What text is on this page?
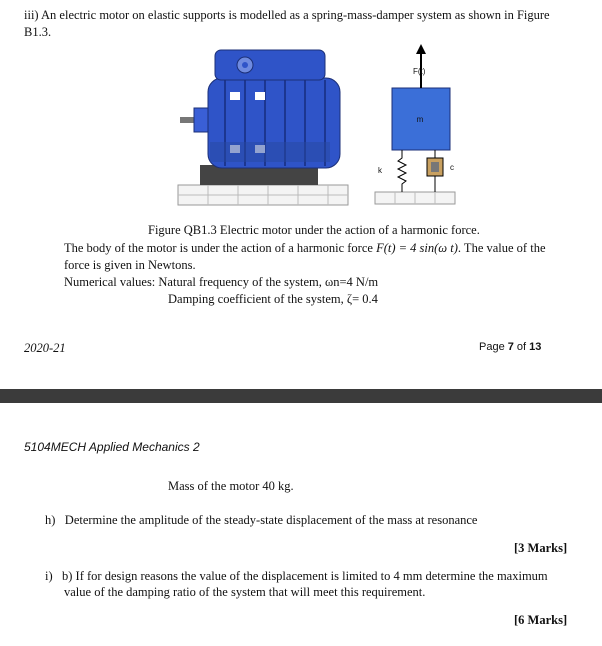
iii) An electric motor on elastic supports is modelled as a spring-mass-damper system as shown in Figure
B1.3.
m
F(t)
k	c
Figure QB1.3 Electric motor under the action of a harmonic force.
The body of the motor is under the action of a harmonic force F(t) = 4 sin(ω t). The value of the
force is given in Newtons.
Numerical values: Natural frequency of the system, ωn=4 N/m
Damping coefficient of the system, ζ= 0.4
2020-21	Page 7 of 13
5104MECH Applied Mechanics 2
Mass of the motor 40 kg.
h)   Determine the amplitude of the steady-state displacement of the mass at resonance
[3 Marks]
i)   b) If for design reasons the value of the displacement is limited to 4 mm determine the maximum
value of the damping ratio of the system that will meet this requirement.
[6 Marks]
